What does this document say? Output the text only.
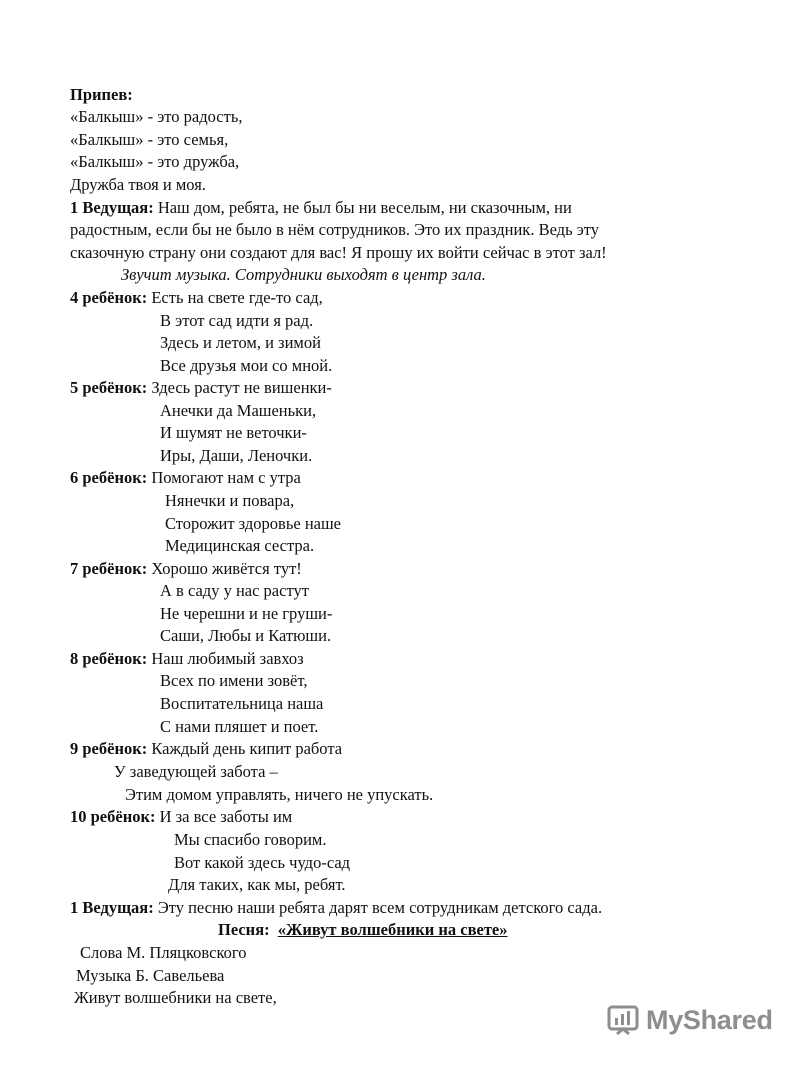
Припев:
«Балкыш» - это радость,
«Балкыш» - это семья,
«Балкыш» - это дружба,
Дружба твоя и моя.
1 Ведущая: Наш дом, ребята, не был бы ни веселым, ни сказочным, ни
радостным, если бы не было в нём сотрудников. Это их праздник. Ведь эту
сказочную страну они создают для вас! Я прошу их войти сейчас в этот зал!
Звучит музыка. Сотрудники выходят в центр зала.
4 ребёнок: Есть на свете где-то сад,
В этот сад идти я рад.
Здесь и летом, и зимой
Все друзья мои со мной.
5 ребёнок: Здесь растут не вишенки-
Анечки да Машеньки,
И шумят не веточки-
Иры, Даши, Леночки.
6 ребёнок: Помогают нам с утра
Нянечки и повара,
Сторожит здоровье наше
Медицинская сестра.
7 ребёнок: Хорошо живётся тут!
А в саду у нас растут
Не черешни и не груши-
Саши, Любы и Катюши.
8 ребёнок: Наш любимый завхоз
Всех по имени зовёт,
Воспитательница наша
С нами пляшет и поет.
9 ребёнок: Каждый день кипит работа
У заведующей забота –
Этим домом управлять, ничего не упускать.
10 ребёнок: И за все заботы им
Мы спасибо говорим.
Вот какой здесь чудо-сад
Для таких, как мы, ребят.
1 Ведущая: Эту песню наши ребята дарят всем сотрудникам детского сада.
Песня: «Живут волшебники на свете»
Слова М. Пляцковского
Музыка Б. Савельева
Живут волшебники на свете,
MyShared
